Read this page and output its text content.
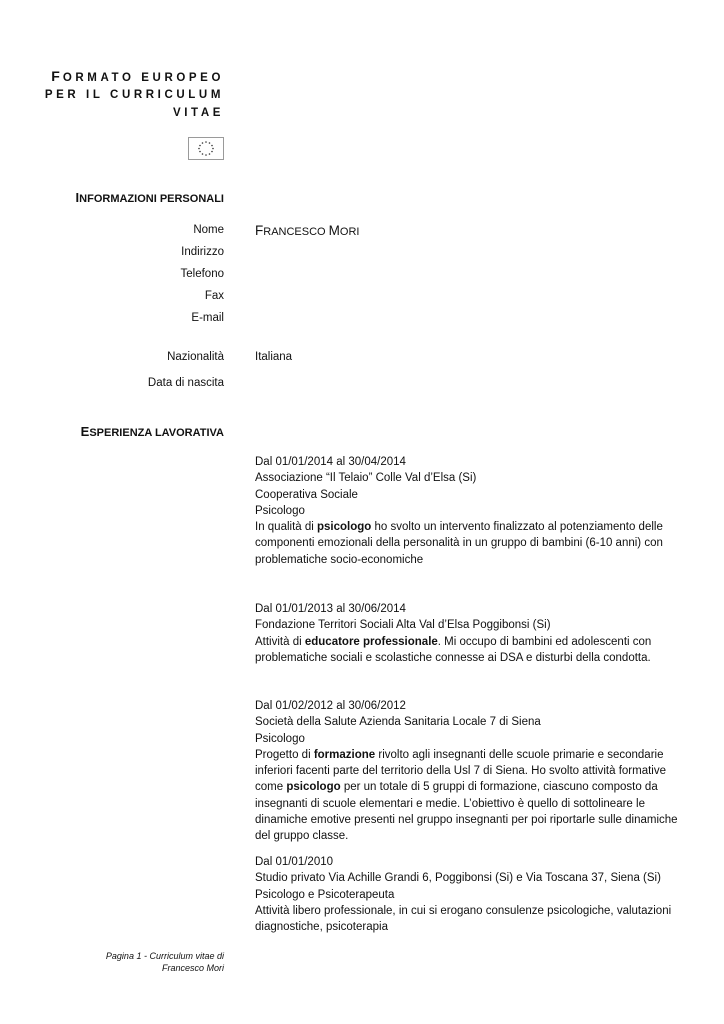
FORMATO EUROPEO
PER IL CURRICULUM
VITAE
INFORMAZIONI PERSONALI
Nome FRANCESCO MORI
Indirizzo
Telefono
Fax
E-mail
Nazionalità	Italiana
Data di nascita
ESPERIENZA LAVORATIVA
Dal 01/01/2014 al 30/04/2014
Associazione “Il Telaio” Colle Val d’Elsa (Si)
Cooperativa Sociale
Psicologo
In qualità di psicologo ho svolto un intervento finalizzato al potenziamento delle componenti emozionali della personalità in un gruppo di bambini (6-10 anni) con problematiche socio-economiche
Dal 01/01/2013 al 30/06/2014
Fondazione Territori Sociali Alta Val d’Elsa Poggibonsi (Si)
Attività di educatore professionale. Mi occupo di bambini ed adolescenti con problematiche sociali e scolastiche connesse ai DSA e disturbi della condotta.
Dal 01/02/2012 al 30/06/2012
Società della Salute Azienda Sanitaria Locale 7 di Siena
Psicologo
Progetto di formazione rivolto agli insegnanti delle scuole primarie e secondarie inferiori facenti parte del territorio della Usl 7 di Siena. Ho svolto attività formative come psicologo per un totale di 5 gruppi di formazione, ciascuno composto da insegnanti di scuole elementari e medie. L’obiettivo è quello di sottolineare le dinamiche emotive presenti nel gruppo insegnanti per poi riportarle sulle dinamiche del gruppo classe.
Dal 01/01/2010
Studio privato Via Achille Grandi 6, Poggibonsi (Si) e Via Toscana 37, Siena (Si)
Psicologo e Psicoterapeuta
Attività libero professionale, in cui si erogano consulenze psicologiche, valutazioni diagnostiche, psicoterapia
Pagina 1 - Curriculum vitae di
Francesco Mori
